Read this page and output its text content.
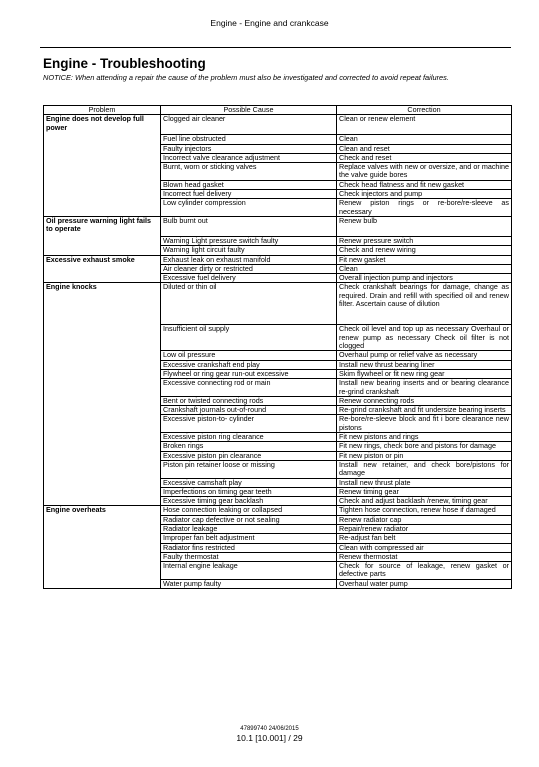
Engine - Engine and crankcase
Engine - Troubleshooting
NOTICE: When attending a repair the cause of the problem must also be investigated and corrected to avoid repeat failures.
Problem	Possible Cause	Correction
Engine does not develop full power	Clogged air cleaner	Clean or renew element
	Fuel line obstructed	Clean
	Faulty injectors	Clean and reset
	Incorrect valve clearance adjustment	Check and reset
	Burnt, worn or sticking valves	Replace valves with new or oversize, and or machine the valve guide bores
	Blown head gasket	Check head flatness and fit new gasket
	Incorrect fuel delivery	Check injectors and pump
	Low cylinder compression	Renew piston rings or re-bore/re-sleeve as necessary
Oil pressure warning light fails to operate	Bulb burnt out	Renew bulb
	Warning Light pressure switch faulty	Renew pressure switch
	Warning light circuit faulty	Check and renew wiring
Excessive exhaust smoke	Exhaust leak on exhaust manifold	Fit new gasket
	Air cleaner dirty or restricted	Clean
	Excessive fuel delivery	Overall injection pump and injectors
Engine knocks	Diluted or thin oil	Check crankshaft bearings for damage, change as required. Drain and refill with specified oil and renew filter. Ascertain cause of dilution
	Insufficient oil supply	Check oil level and top up as necessary Overhaul or renew pump as necessary Check oil filter is not clogged
	Low oil pressure	Overhaul pump or relief valve as necessary
	Excessive crankshaft end play	Install new thrust bearing liner
	Flywheel or ring gear run-out excessive	Skim flywheel or fit new ring gear
	Excessive connecting rod or main	Install new bearing inserts and or bearing clearance re-grind crankshaft
	Bent or twisted connecting rods	Renew connecting rods
	Crankshaft journals out-of-round	Re-grind crankshaft and fit undersize bearing inserts
	Excessive piston-to- cylinder	Re-bore/re-sleeve block and fit i bore clearance new pistons
	Excessive piston ring clearance	Fit new pistons and rings
	Broken rings	Fit new rings, check bore and pistons for damage
	Excessive piston pin clearance	Fit new piston or pin
	Piston pin retainer loose or missing	Install new retainer, and check bore/pistons for damage
	Excessive camshaft play	Install new thrust plate
	Imperfections on timing gear teeth	Renew timing gear
	Excessive timing gear backlash	Check and adjust backlash /renew, timing gear
Engine overheats	Hose connection leaking or collapsed	Tighten hose connection, renew hose if damaged
	Radiator cap defective or not sealing	Renew radiator cap
	Radiator leakage	Repair/renew radiator
	Improper fan belt adjustment	Re-adjust fan belt
	Radiator fins restricted	Clean with compressed air
	Faulty thermostat	Renew thermostat
	Internal engine leakage	Check for source of leakage, renew gasket or defective parts
	Water pump faulty	Overhaul water pump
47899740 24/06/2015
10.1 [10.001] / 29
